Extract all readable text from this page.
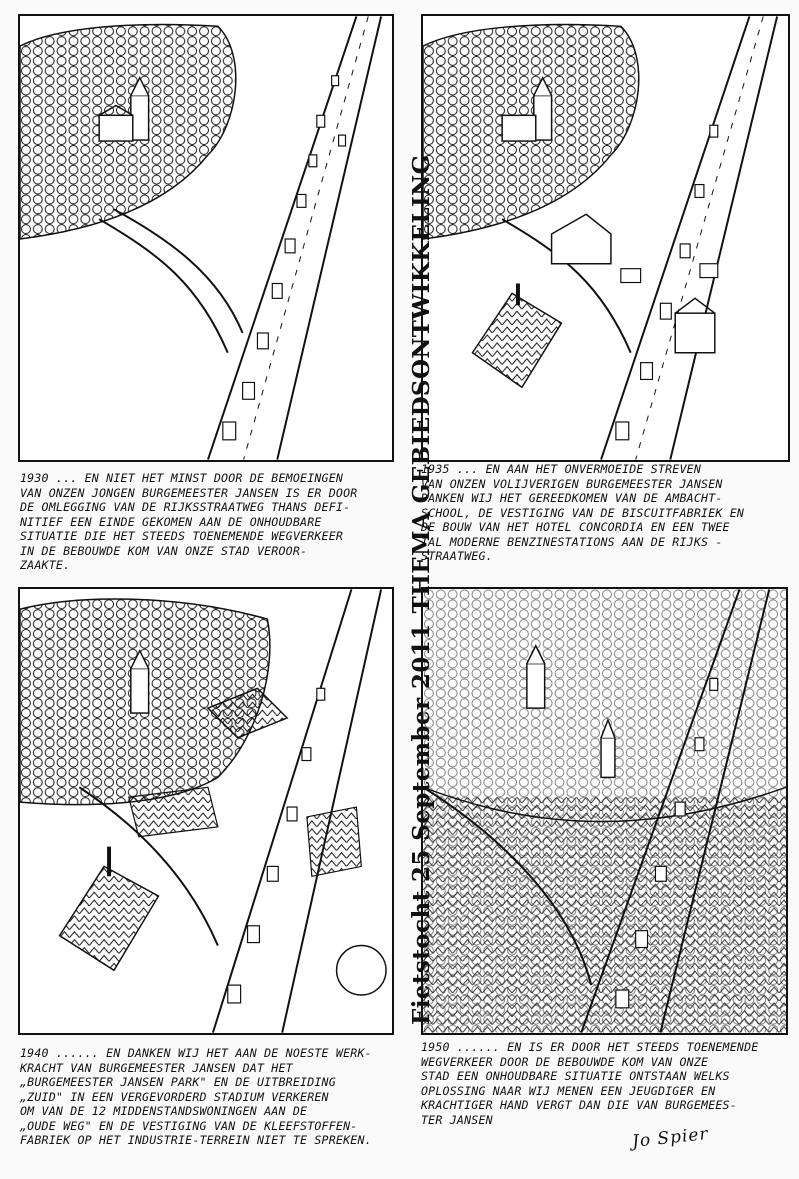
Fietstocht 25 September 2011THEMA GEBIEDSONTWIKKELING
1930 ... EN NIET HET MINST DOOR DE BEMOEINGEN
VAN ONZEN JONGEN BURGEMEESTER JANSEN IS ER DOOR
DE OMLEGGING VAN DE RIJKSSTRAATWEG THANS DEFI-
NITIEF EEN EINDE GEKOMEN AAN DE ONHOUDBARE
SITUATIE DIE HET STEEDS TOENEMENDE WEGVERKEER
IN DE BEBOUWDE KOM VAN ONZE STAD VEROOR-
ZAAKTE.
1935 ... EN AAN HET ONVERMOEIDE STREVEN
VAN ONZEN VOLIJVERIGEN BURGEMEESTER JANSEN
DANKEN WIJ HET GEREEDKOMEN VAN DE AMBACHT-
SCHOOL, DE VESTIGING VAN DE BISCUITFABRIEK EN
DE BOUW VAN HET HOTEL CONCORDIA EN EEN TWEE
TAL MODERNE BENZINESTATIONS AAN DE RIJKS -
STRAATWEG.
1940 ...... EN DANKEN WIJ HET AAN DE NOESTE WERK-
KRACHT VAN BURGEMEESTER JANSEN DAT HET
„BURGEMEESTER JANSEN PARK" EN DE UITBREIDING
„ZUID" IN EEN VERGEVORDERD STADIUM VERKEREN
OM VAN DE 12 MIDDENSTANDSWONINGEN AAN DE
„OUDE WEG" EN DE VESTIGING VAN DE KLEEFSTOFFEN-
FABRIEK OP HET INDUSTRIE-TERREIN NIET TE SPREKEN.
1950 ...... EN IS ER DOOR HET STEEDS TOENEMENDE
WEGVERKEER DOOR DE BEBOUWDE KOM VAN ONZE
STAD EEN ONHOUDBARE SITUATIE ONTSTAAN WELKS
OPLOSSING NAAR WIJ MENEN EEN JEUGDIGER EN
KRACHTIGER HAND VERGT DAN DIE VAN BURGEMEES-
TER JANSEN
Jo Spier
